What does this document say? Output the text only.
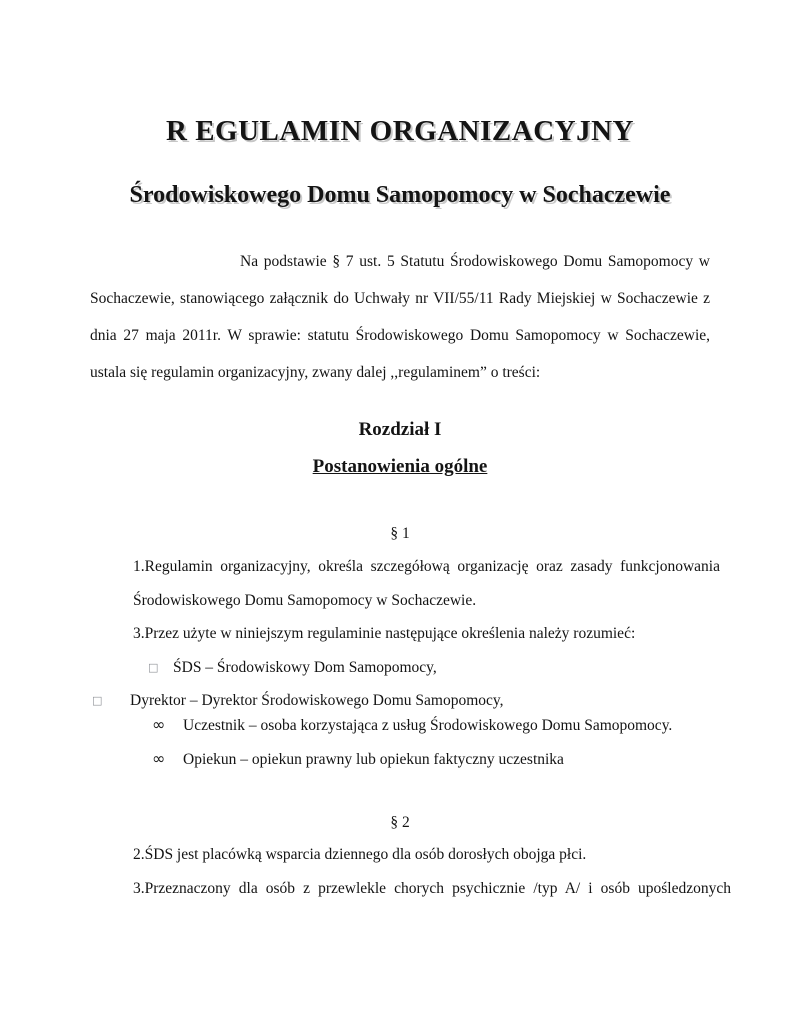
R EGULAMIN ORGANIZACYJNY
Środowiskowego Domu Samopomocy w Sochaczewie
Na podstawie § 7 ust. 5 Statutu Środowiskowego Domu Samopomocy w
Sochaczewie, stanowiącego załącznik do Uchwały nr VII/55/11 Rady Miejskiej w Sochaczewie z
dnia 27 maja 2011r. W sprawie: statutu Środowiskowego Domu Samopomocy w Sochaczewie,
ustala się regulamin organizacyjny, zwany dalej ,,regulaminem” o treści:
Rozdział I
Postanowienia ogólne
§ 1
1.Regulamin organizacyjny, określa szczegółową organizację oraz zasady funkcjonowania
Środowiskowego Domu Samopomocy w Sochaczewie.
3.Przez użyte w niniejszym regulaminie następujące określenia należy rozumieć:
□ ŚDS – Środowiskowy Dom Samopomocy,
□ Dyrektor – Dyrektor Środowiskowego Domu Samopomocy,
∞ Uczestnik – osoba korzystająca z usług Środowiskowego Domu Samopomocy.
∞ Opiekun – opiekun prawny lub opiekun faktyczny uczestnika
§ 2
2.ŚDS jest placówką wsparcia dziennego dla osób dorosłych obojga płci.
3.Przeznaczony dla osób z przewlekle chorych psychicznie /typ A/ i osób upośledzonych
